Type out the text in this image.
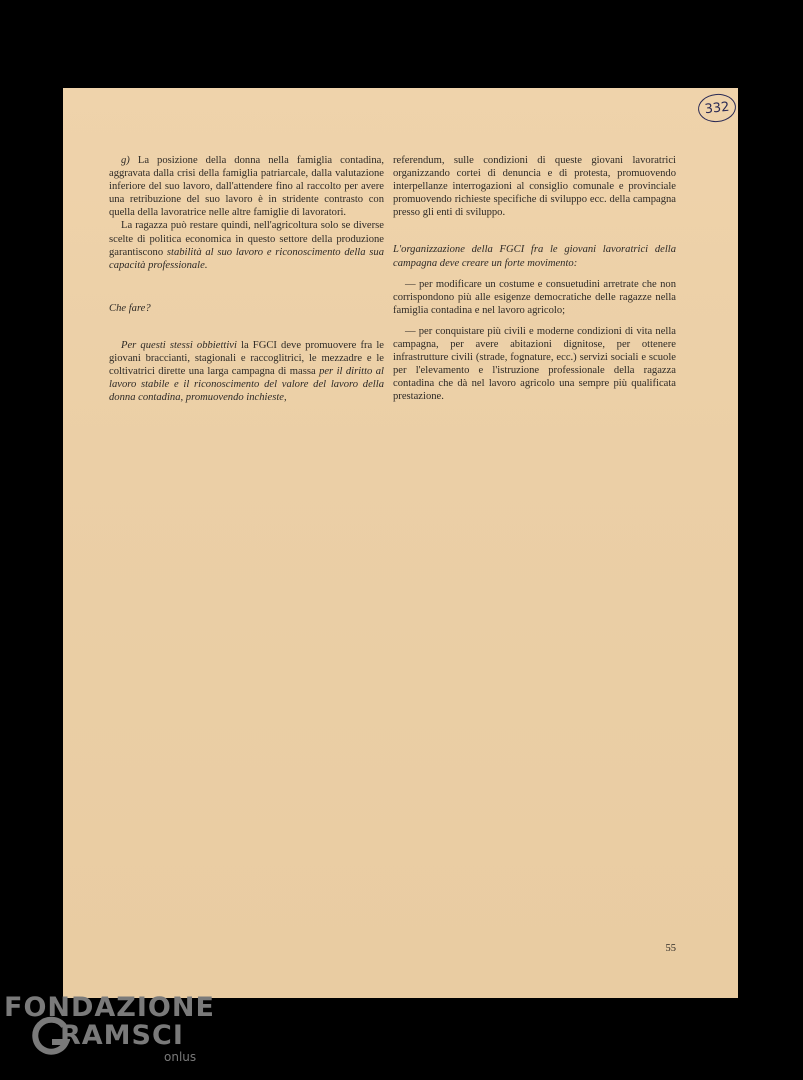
332

g) La posizione della donna nella famiglia contadina, aggravata dalla crisi della famiglia patriarcale, dalla valutazione inferiore del suo lavoro, dall'attendere fino al raccolto per avere una retribuzione del suo lavoro è in stridente contrasto con quella della lavoratrice nelle altre famiglie di lavoratori.

La ragazza può restare quindi, nell'agricoltura solo se diverse scelte di politica economica in questo settore della produzione garantiscono stabilità al suo lavoro e riconoscimento della sua capacità professionale.

Che fare?

Per questi stessi obbiettivi la FGCI deve promuovere fra le giovani braccianti, stagionali e raccoglitrici, le mezzadre e le coltivatrici dirette una larga campagna di massa per il diritto al lavoro stabile e il riconoscimento del valore del lavoro della donna contadina, promuovendo inchieste,

referendum, sulle condizioni di queste giovani lavoratrici organizzando cortei di denuncia e di protesta, promuovendo interpellanze interrogazioni al consiglio comunale e provinciale promuovendo richieste specifiche di sviluppo ecc. della campagna presso gli enti di sviluppo.

L'organizzazione della FGCI fra le giovani lavoratrici della campagna deve creare un forte movimento:

— per modificare un costume e consuetudini arretrate che non corrispondono più alle esigenze democratiche delle ragazze nella famiglia contadina e nel lavoro agricolo;

— per conquistare più civili e moderne condizioni di vita nella campagna, per avere abitazioni dignitose, per ottenere infrastrutture civili (strade, fognature, ecc.) servizi sociali e scuole per l'elevamento e l'istruzione professionale della ragazza contadina che dà nel lavoro agricolo una sempre più qualificata prestazione.

55
FONDAZIONE
RAMSCI
onlus
